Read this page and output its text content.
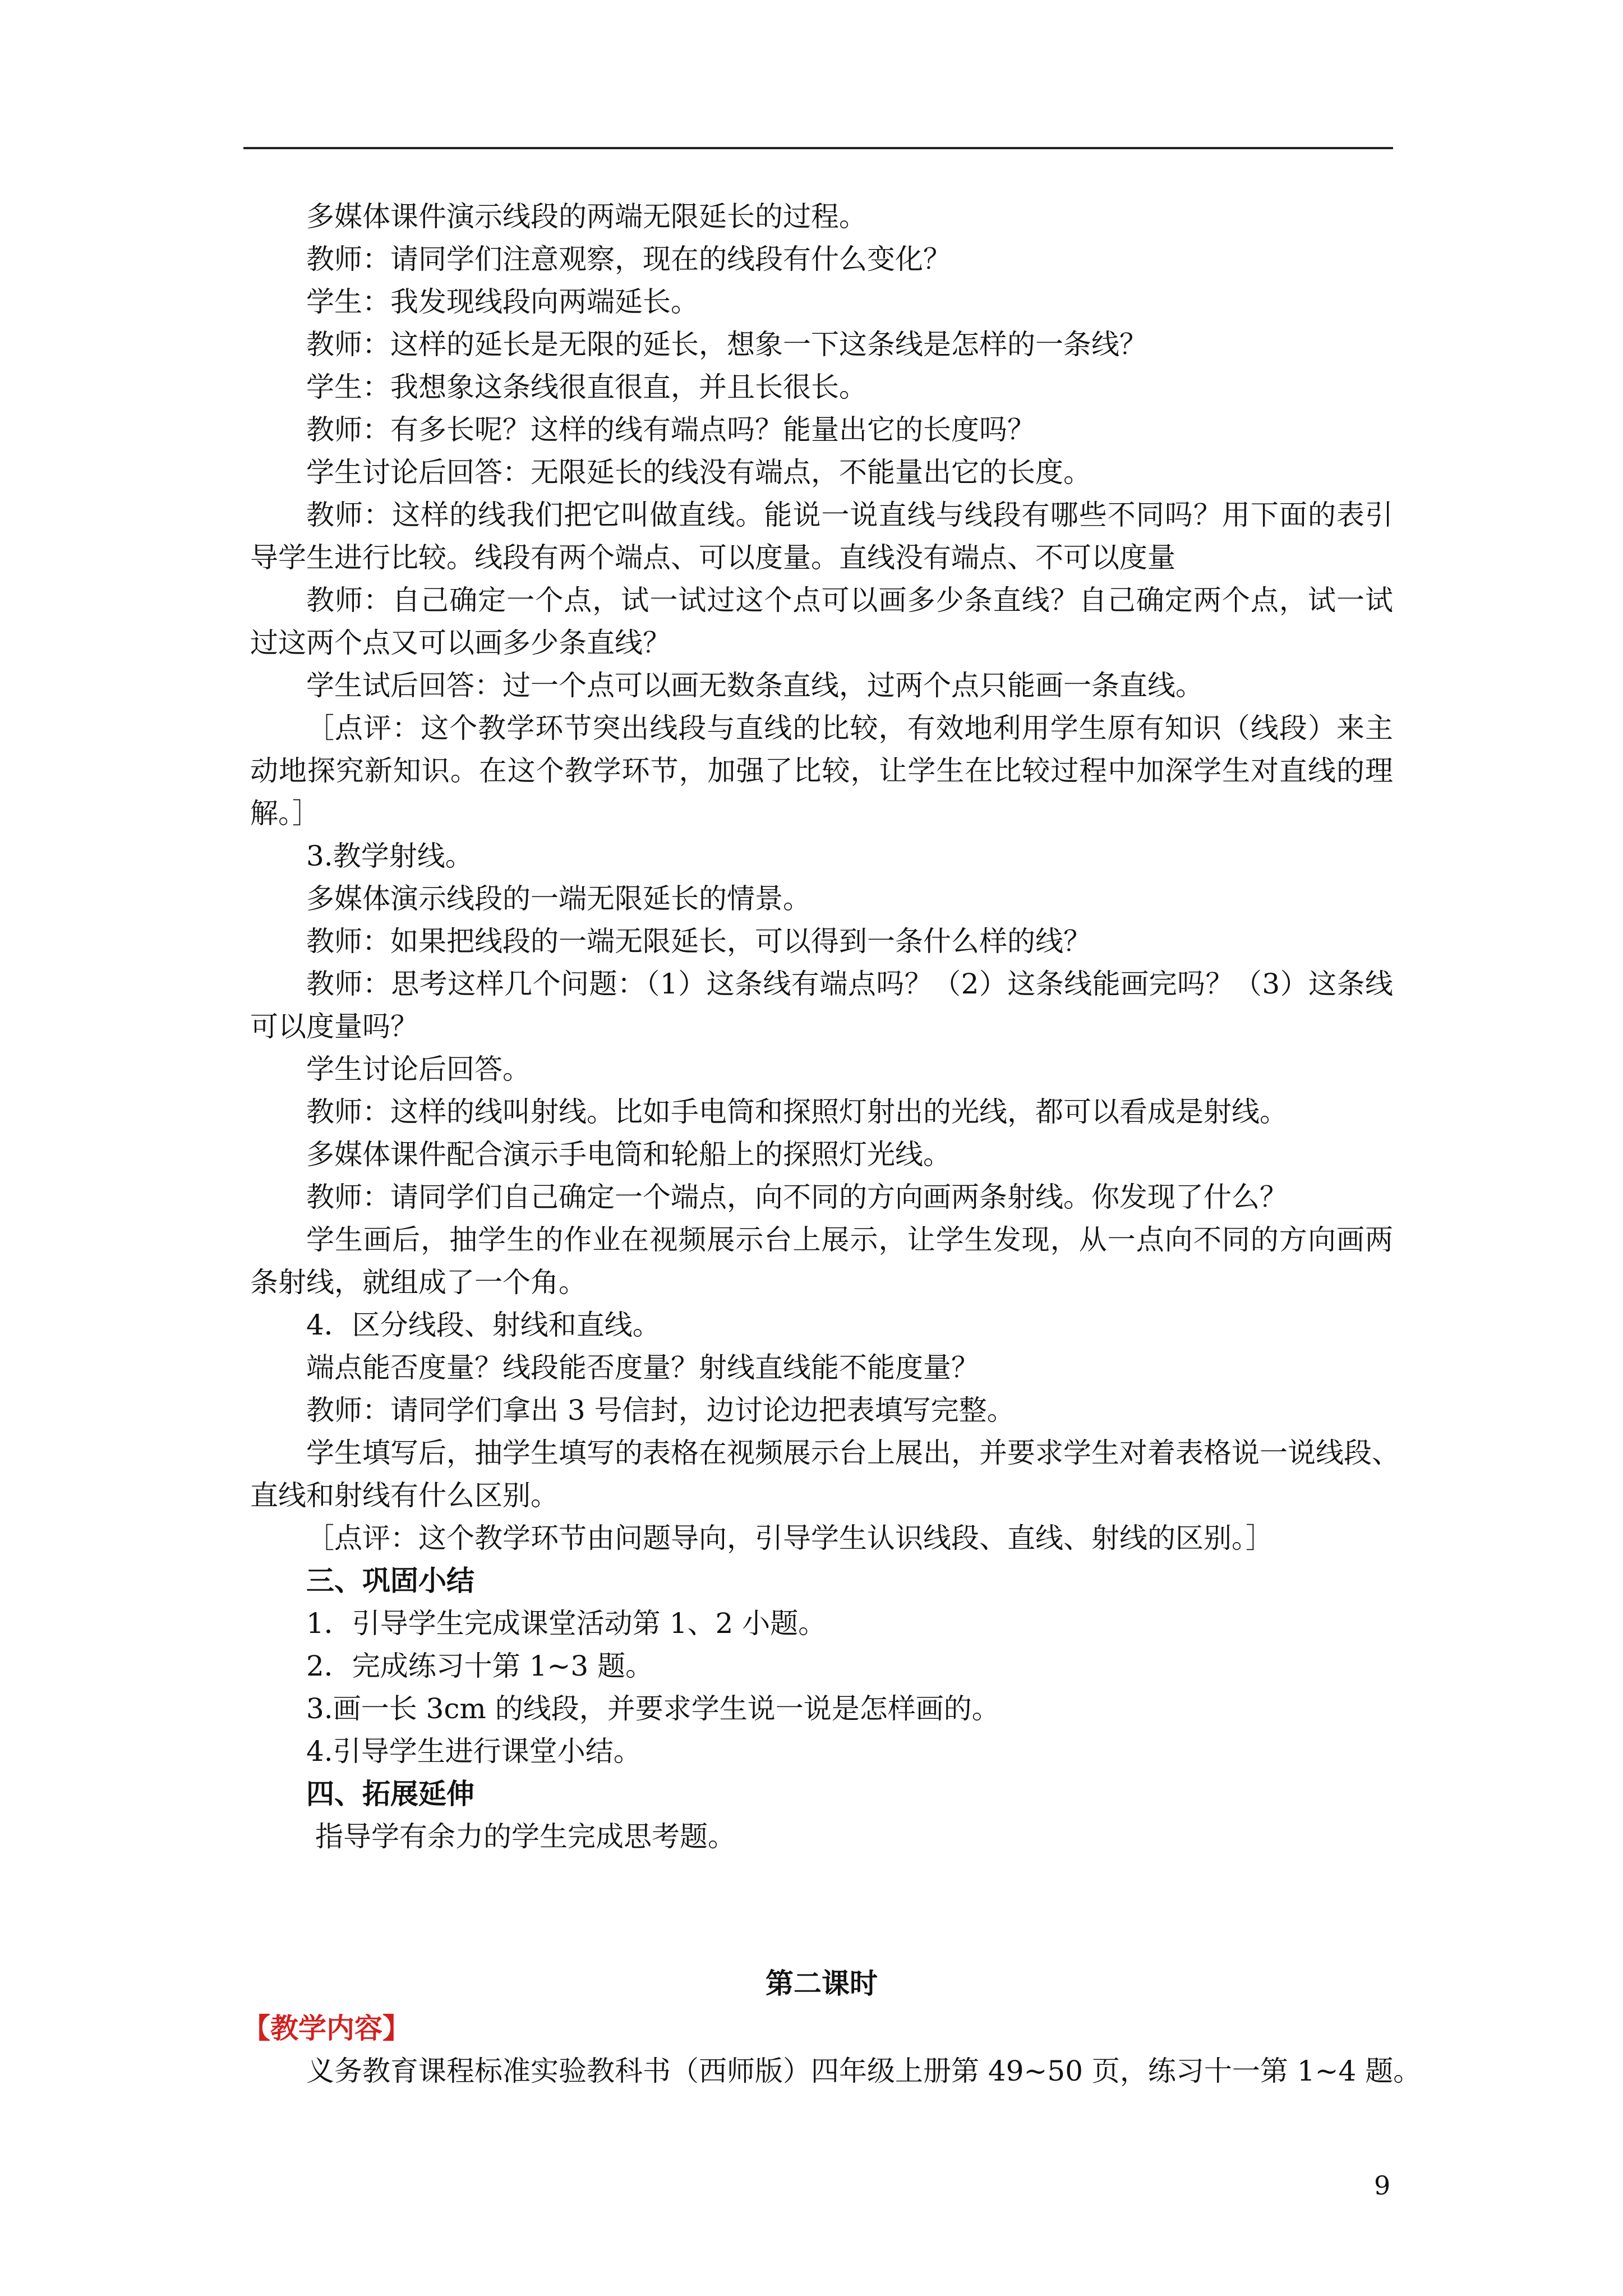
多媒体课件演示线段的两端无限延长的过程。
教师：请同学们注意观察，现在的线段有什么变化？
学生：我发现线段向两端延长。
教师：这样的延长是无限的延长，想象一下这条线是怎样的一条线？
学生：我想象这条线很直很直，并且长很长。
教师：有多长呢？这样的线有端点吗？能量出它的长度吗？
学生讨论后回答：无限延长的线没有端点，不能量出它的长度。
教师：这样的线我们把它叫做直线。能说一说直线与线段有哪些不同吗？用下面的表引
导学生进行比较。线段有两个端点、可以度量。直线没有端点、不可以度量
教师：自己确定一个点，试一试过这个点可以画多少条直线？自己确定两个点，试一试
过这两个点又可以画多少条直线？
学生试后回答：过一个点可以画无数条直线，过两个点只能画一条直线。
［点评：这个教学环节突出线段与直线的比较，有效地利用学生原有知识（线段）来主
动地探究新知识。在这个教学环节，加强了比较，让学生在比较过程中加深学生对直线的理
解。］
3.教学射线。
多媒体演示线段的一端无限延长的情景。
教师：如果把线段的一端无限延长，可以得到一条什么样的线？
教师：思考这样几个问题：（1）这条线有端点吗？（2）这条线能画完吗？（3）这条线
可以度量吗？
学生讨论后回答。
教师：这样的线叫射线。比如手电筒和探照灯射出的光线，都可以看成是射线。
多媒体课件配合演示手电筒和轮船上的探照灯光线。
教师：请同学们自己确定一个端点，向不同的方向画两条射线。你发现了什么？
学生画后，抽学生的作业在视频展示台上展示，让学生发现，从一点向不同的方向画两
条射线，就组成了一个角。
4．区分线段、射线和直线。
端点能否度量？线段能否度量？射线直线能不能度量？
教师：请同学们拿出 3 号信封，边讨论边把表填写完整。
学生填写后，抽学生填写的表格在视频展示台上展出，并要求学生对着表格说一说线段、
直线和射线有什么区别。
［点评：这个教学环节由问题导向，引导学生认识线段、直线、射线的区别。］
三、巩固小结
1．引导学生完成课堂活动第 1、2 小题。
2．完成练习十第 1~3 题。
3.画一长 3cm 的线段，并要求学生说一说是怎样画的。
4.引导学生进行课堂小结。
四、拓展延伸
指导学有余力的学生完成思考题。
第二课时
【教学内容】
义务教育课程标准实验教科书（西师版）四年级上册第 49~50 页，练习十一第 1~4 题。
9
